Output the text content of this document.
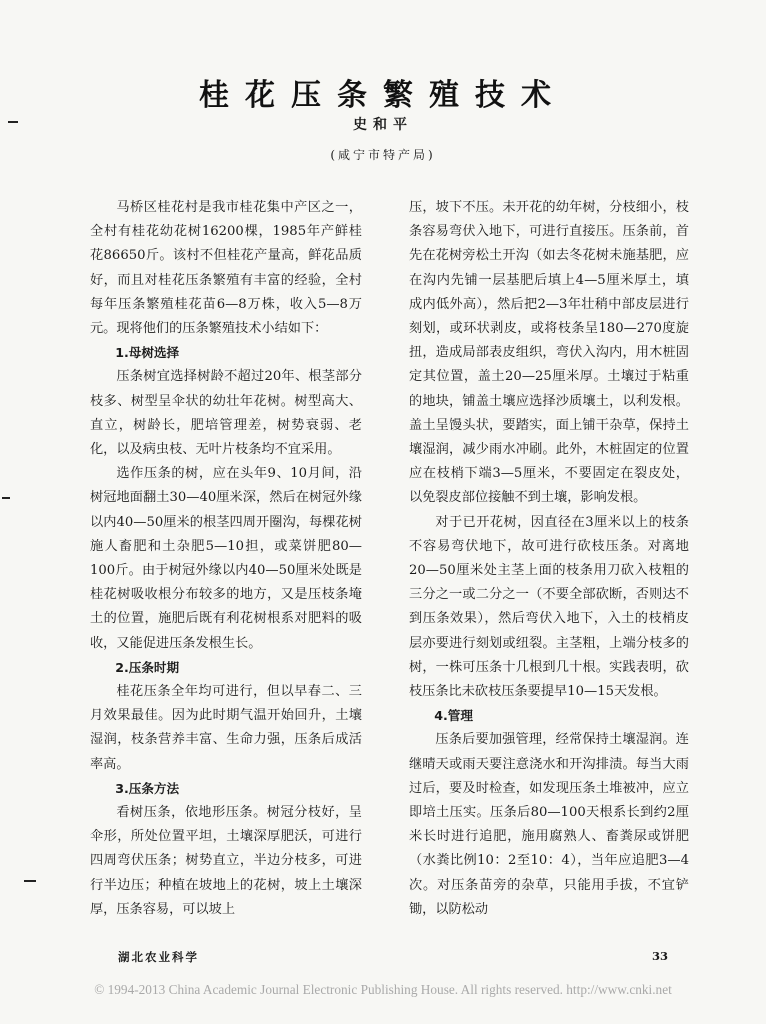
桂花压条繁殖技术
史和平
(咸宁市特产局)

马桥区桂花村是我市桂花集中产区之一，全村有桂花幼花树16200棵，1985年产鲜桂花86650斤。该村不但桂花产量高，鲜花品质好，而且对桂花压条繁殖有丰富的经验，全村每年压条繁殖桂花苗6—8万株，收入5—8万元。现将他们的压条繁殖技术小结如下：

1.母树选择

压条树宜选择树龄不超过20年、根茎部分枝多、树型呈伞状的幼壮年花树。树型高大、直立，树龄长，肥培管理差，树势衰弱、老化，以及病虫枝、无叶片枝条均不宜采用。

选作压条的树，应在头年9、10月间，沿树冠地面翻土30—40厘米深，然后在树冠外缘以内40—50厘米的根茎四周开圈沟，每棵花树施人畜肥和土杂肥5—10担，或菜饼肥80—100斤。由于树冠外缘以内40—50厘米处既是桂花树吸收根分布较多的地方，又是压枝条埯土的位置，施肥后既有利花树根系对肥料的吸收，又能促进压条发根生长。

2.压条时期

桂花压条全年均可进行，但以早春二、三月效果最佳。因为此时期气温开始回升，土壤湿润，枝条营养丰富、生命力强，压条后成活率高。

3.压条方法

看树压条，依地形压条。树冠分枝好，呈伞形，所处位置平坦，土壤深厚肥沃，可进行四周弯伏压条；树势直立，半边分枝多，可进行半边压；种植在坡地上的花树，坡上土壤深厚，压条容易，可以坡上

压，坡下不压。未开花的幼年树，分枝细小，枝条容易弯伏入地下，可进行直接压。压条前，首先在花树旁松土开沟（如去冬花树未施基肥，应在沟内先铺一层基肥后填上4—5厘米厚土，填成内低外高），然后把2—3年壮稍中部皮层进行刻划，或环状剥皮，或将枝条呈180—270度旋扭，造成局部表皮组织，弯伏入沟内，用木桩固定其位置，盖土20—25厘米厚。土壤过于粘重的地块，铺盖土壤应选择沙质壤土，以利发根。盖土呈馒头状，要踏实，面上铺干杂草，保持土壤湿润，减少雨水冲刷。此外，木桩固定的位置应在枝梢下端3—5厘米，不要固定在裂皮处，以免裂皮部位接触不到土壤，影响发根。

对于已开花树，因直径在3厘米以上的枝条不容易弯伏地下，故可进行砍枝压条。对离地20—50厘米处主茎上面的枝条用刀砍入枝粗的三分之一或二分之一（不要全部砍断，否则达不到压条效果），然后弯伏入地下，入土的枝梢皮层亦要进行刻划或纽裂。主茎粗，上端分枝多的树，一株可压条十几根到几十根。实践表明，砍枝压条比未砍枝压条要提早10—15天发根。

4.管理

压条后要加强管理，经常保持土壤湿润。连继晴天或雨天要注意浇水和开沟排渍。每当大雨过后，要及时检查，如发现压条土堆被冲，应立即培土压实。压条后80—100天根系长到约2厘米长时进行追肥，施用腐熟人、畜粪尿或饼肥（水粪比例10：2至10：4），当年应追肥3—4次。对压条苗旁的杂草，只能用手拔，不宜铲锄，以防松动

湖北农业科学	33
© 1994-2013 China Academic Journal Electronic Publishing House. All rights reserved. http://www.cnki.net
